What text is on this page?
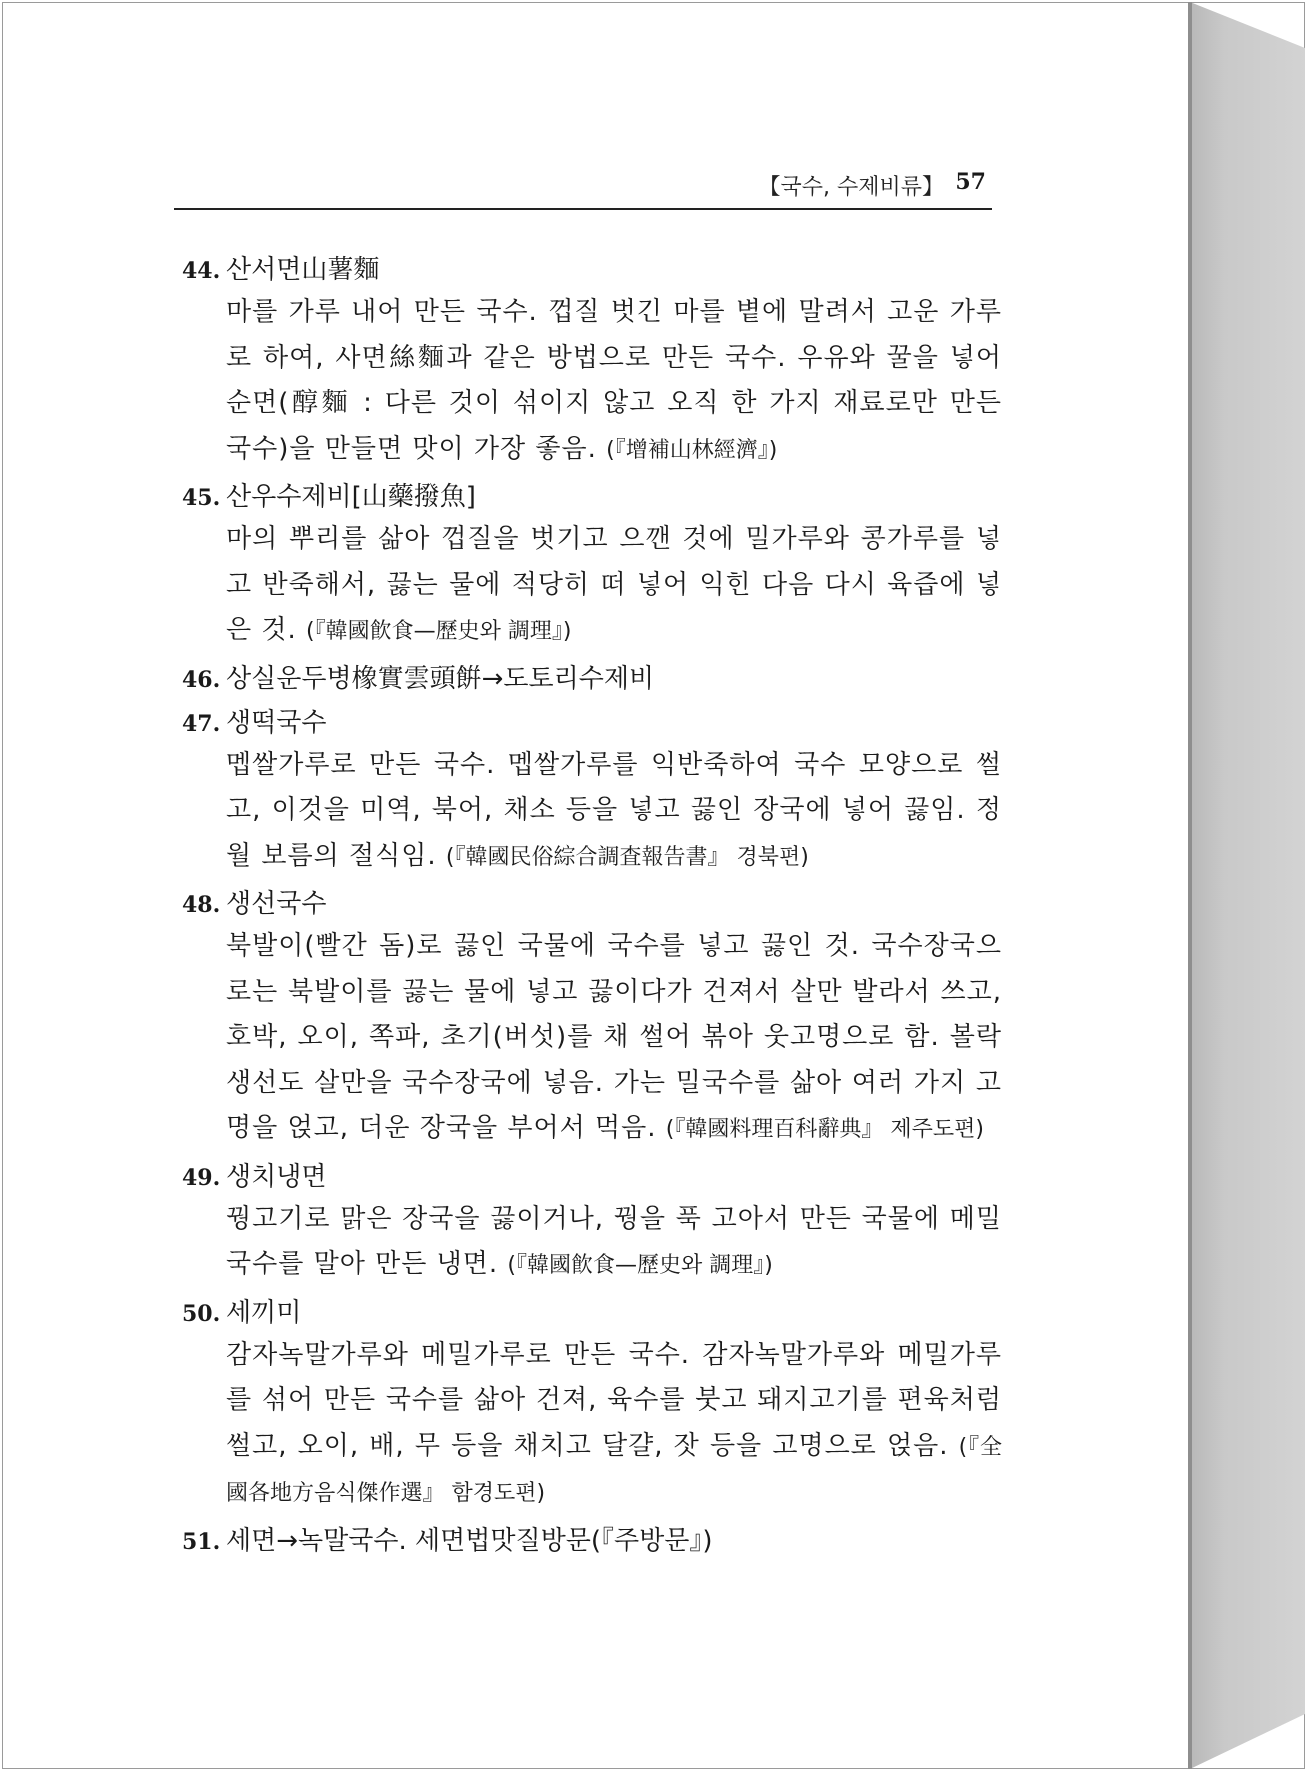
【국수, 수제비류】 57
44. 산서면山薯麵
마를 가루 내어 만든 국수. 껍질 벗긴 마를 볕에 말려서 고운 가루로 하여, 사면絲麵과 같은 방법으로 만든 국수. 우유와 꿀을 넣어 순면(醇麵 : 다른 것이 섞이지 않고 오직 한 가지 재료로만 만든 국수)을 만들면 맛이 가장 좋음. (『增補山林經濟』)
45. 산우수제비[山藥撥魚]
마의 뿌리를 삶아 껍질을 벗기고 으깬 것에 밀가루와 콩가루를 넣고 반죽해서, 끓는 물에 적당히 떠 넣어 익힌 다음 다시 육즙에 넣은 것. (『韓國飮食—歷史와 調理』)
46. 상실운두병橡實雲頭餠→도토리수제비
47. 생떡국수
멥쌀가루로 만든 국수. 멥쌀가루를 익반죽하여 국수 모양으로 썰고, 이것을 미역, 북어, 채소 등을 넣고 끓인 장국에 넣어 끓임. 정월 보름의 절식임. (『韓國民俗綜合調査報告書』 경북편)
48. 생선국수
북발이(빨간 돔)로 끓인 국물에 국수를 넣고 끓인 것. 국수장국으로는 북발이를 끓는 물에 넣고 끓이다가 건져서 살만 발라서 쓰고, 호박, 오이, 쪽파, 초기(버섯)를 채 썰어 볶아 웃고명으로 함. 볼락생선도 살만을 국수장국에 넣음. 가는 밀국수를 삶아 여러 가지 고명을 얹고, 더운 장국을 부어서 먹음. (『韓國料理百科辭典』 제주도편)
49. 생치냉면
꿩고기로 맑은 장국을 끓이거나, 꿩을 푹 고아서 만든 국물에 메밀국수를 말아 만든 냉면. (『韓國飮食—歷史와 調理』)
50. 세끼미
감자녹말가루와 메밀가루로 만든 국수. 감자녹말가루와 메밀가루를 섞어 만든 국수를 삶아 건져, 육수를 붓고 돼지고기를 편육처럼 썰고, 오이, 배, 무 등을 채치고 달걀, 잣 등을 고명으로 얹음. (『全國各地方음식傑作選』 함경도편)
51. 세면→녹말국수. 세면법맛질방문(『주방문』)
